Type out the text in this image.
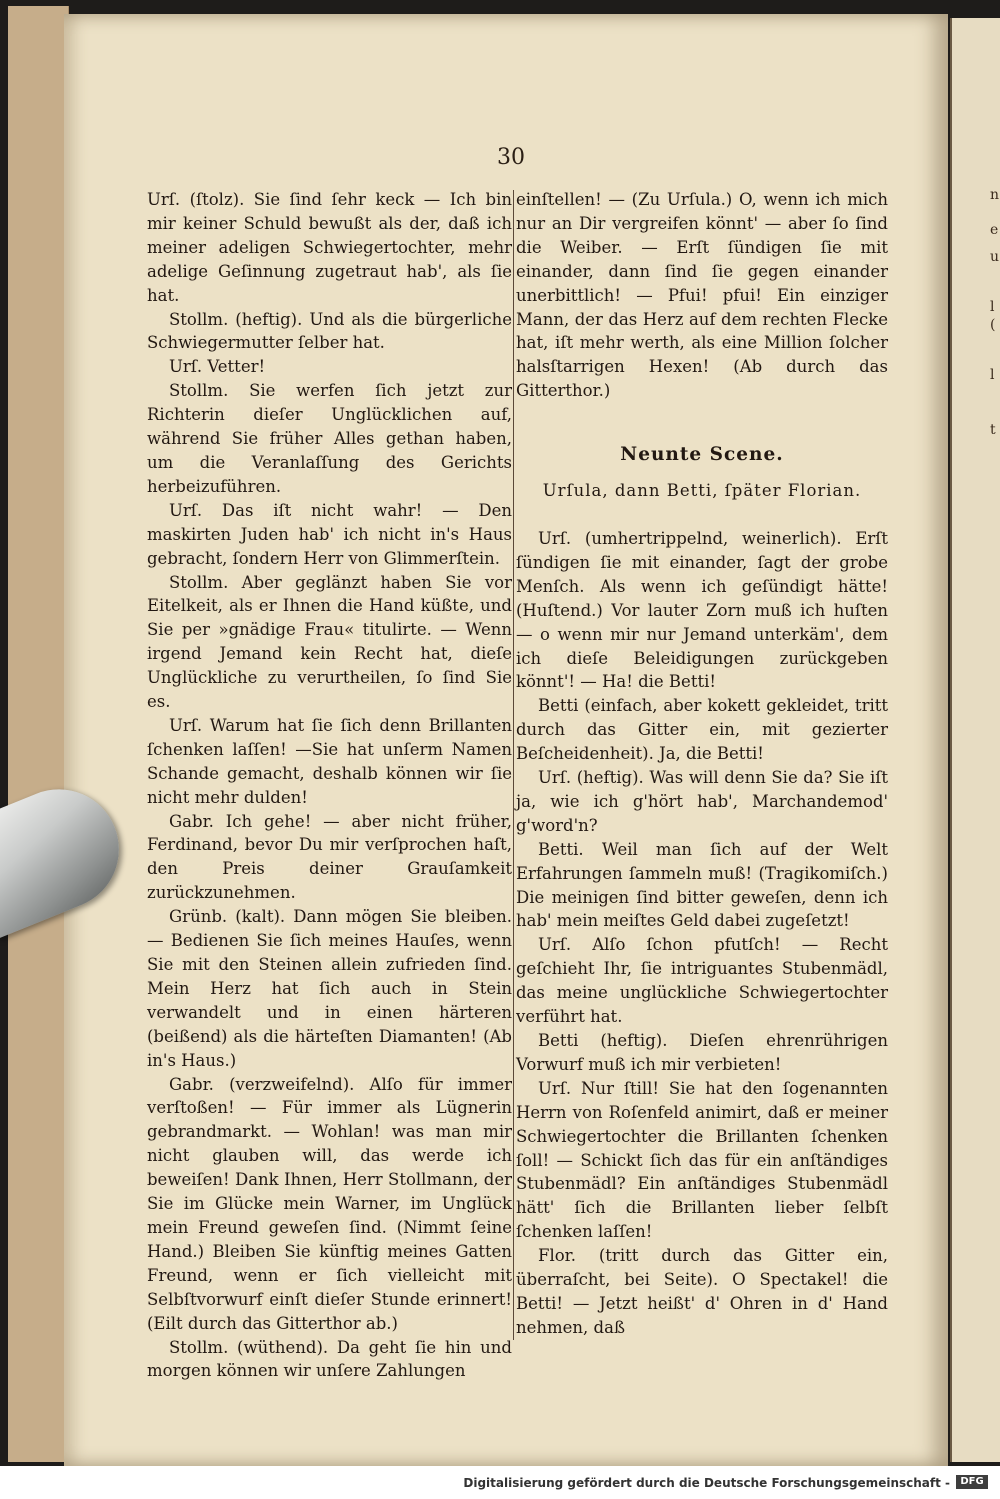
n
e
u
l
(
l
t
30

Urſ. (ſtolz). Sie ſind ſehr keck — Ich bin mir keiner Schuld bewußt als der, daß ich meiner adeligen Schwiegertochter, mehr adelige Geſinnung zugetraut hab', als ſie hat.

Stollm. (heftig). Und als die bürgerliche Schwiegermutter ſelber hat.

Urſ. Vetter!

Stollm. Sie werfen ſich jetzt zur Richterin dieſer Unglücklichen auf, während Sie früher Alles gethan haben, um die Veranlaſſung des Gerichts herbeizuführen.

Urſ. Das iſt nicht wahr! — Den maskirten Juden hab' ich nicht in's Haus gebracht, ſondern Herr von Glimmerſtein.

Stollm. Aber geglänzt haben Sie vor Eitelkeit, als er Ihnen die Hand küßte, und Sie per »gnädige Frau« titulirte. — Wenn irgend Jemand kein Recht hat, dieſe Unglückliche zu verurtheilen, ſo ſind Sie es.

Urſ. Warum hat ſie ſich denn Brillanten ſchenken laſſen! —Sie hat unſerm Namen Schande gemacht, deshalb können wir ſie nicht mehr dulden!

Gabr. Ich gehe! — aber nicht früher, Ferdinand, bevor Du mir verſprochen haſt, den Preis deiner Grauſamkeit zurückzunehmen.

Grünb. (kalt). Dann mögen Sie bleiben. — Bedienen Sie ſich meines Hauſes, wenn Sie mit den Steinen allein zufrieden ſind. Mein Herz hat ſich auch in Stein verwandelt und in einen härteren (beißend) als die härteſten Diamanten! (Ab in's Haus.)

Gabr. (verzweifelnd). Alſo für immer verſtoßen! — Für immer als Lügnerin gebrandmarkt. — Wohlan! was man mir nicht glauben will, das werde ich beweiſen! Dank Ihnen, Herr Stollmann, der Sie im Glücke mein Warner, im Unglück mein Freund geweſen ſind. (Nimmt ſeine Hand.) Bleiben Sie künftig meines Gatten Freund, wenn er ſich vielleicht mit Selbſtvorwurf einſt dieſer Stunde erinnert! (Eilt durch das Gitterthor ab.)

Stollm. (wüthend). Da geht ſie hin und morgen können wir unſere Zahlungen

einſtellen! — (Zu Urſula.) O, wenn ich mich nur an Dir vergreifen könnt' — aber ſo ſind die Weiber. — Erſt ſündigen ſie mit einander, dann ſind ſie gegen einander unerbittlich! — Pfui! pfui! Ein einziger Mann, der das Herz auf dem rechten Flecke hat, iſt mehr werth, als eine Million ſolcher halsſtarrigen Hexen! (Ab durch das Gitterthor.)

Neunte Scene.

Urſula, dann Betti, ſpäter Florian.

Urſ. (umhertrippelnd, weinerlich). Erſt ſündigen ſie mit einander, ſagt der grobe Menſch. Als wenn ich geſündigt hätte! (Huſtend.) Vor lauter Zorn muß ich huſten — o wenn mir nur Jemand unterkäm', dem ich dieſe Beleidigungen zurückgeben könnt'! — Ha! die Betti!

Betti (einfach, aber kokett gekleidet, tritt durch das Gitter ein, mit gezierter Beſcheidenheit). Ja, die Betti!

Urſ. (heftig). Was will denn Sie da? Sie iſt ja, wie ich g'hört hab', Marchandemod' g'word'n?

Betti. Weil man ſich auf der Welt Erfahrungen ſammeln muß! (Tragikomiſch.) Die meinigen ſind bitter geweſen, denn ich hab' mein meiſtes Geld dabei zugeſetzt!

Urſ. Alſo ſchon pfutſch! — Recht geſchieht Ihr, ſie intriguantes Stubenmädl, das meine unglückliche Schwiegertochter verführt hat.

Betti (heftig). Dieſen ehrenrührigen Vorwurf muß ich mir verbieten!

Urſ. Nur ſtill! Sie hat den ſogenannten Herrn von Roſenfeld animirt, daß er meiner Schwiegertochter die Brillanten ſchenken ſoll! — Schickt ſich das für ein anſtändiges Stubenmädl? Ein anſtändiges Stubenmädl hätt' ſich die Brillanten lieber ſelbſt ſchenken laſſen!

Flor. (tritt durch das Gitter ein, überraſcht, bei Seite). O Spectakel! die Betti! — Jetzt heißt' d' Ohren in d' Hand nehmen, daß

Digitalisierung gefördert durch die Deutsche Forschungsgemeinschaft -	DFG
